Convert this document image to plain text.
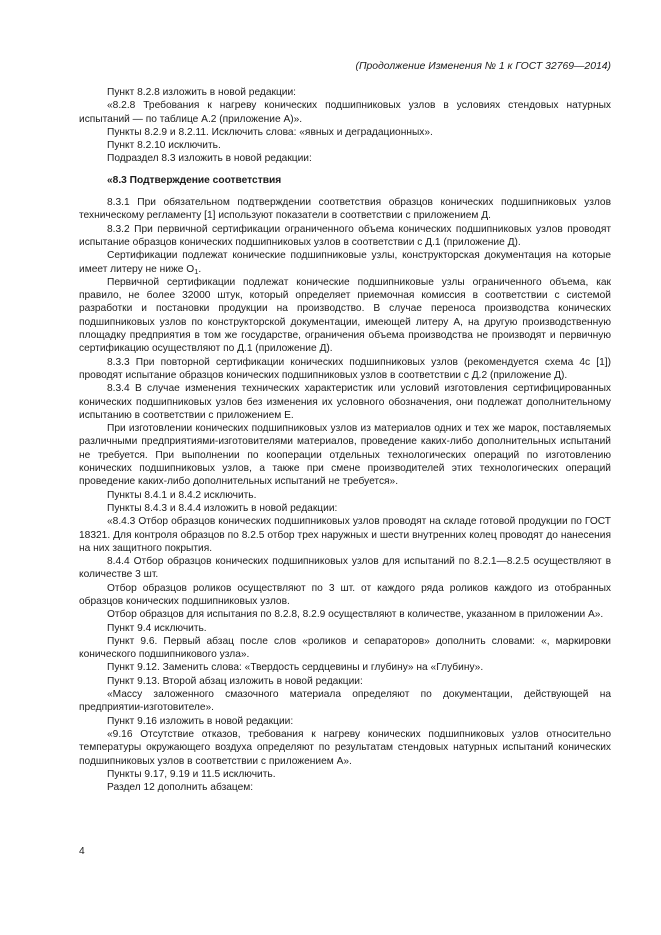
(Продолжение Изменения № 1 к ГОСТ 32769—2014)

Пункт 8.2.8 изложить в новой редакции:

«8.2.8 Требования к нагреву конических подшипниковых узлов в условиях стендовых натурных испытаний — по таблице А.2 (приложение А)».

Пункты 8.2.9 и 8.2.11. Исключить слова: «явных и деградационных».

Пункт 8.2.10 исключить.

Подраздел 8.3 изложить в новой редакции:

«8.3 Подтверждение соответствия

8.3.1 При обязательном подтверждении соответствия образцов конических подшипниковых узлов техническому регламенту [1] используют показатели в соответствии с приложением Д.

8.3.2 При первичной сертификации ограниченного объема конических подшипниковых узлов проводят испытание образцов конических подшипниковых узлов в соответствии с Д.1 (приложение Д).

Сертификации подлежат конические подшипниковые узлы, конструкторская документация на которые имеет литеру не ниже $О_1$.

Первичной сертификации подлежат конические подшипниковые узлы ограниченного объема, как правило, не более 32000 штук, который определяет приемочная комиссия в соответствии с системой разработки и постановки продукции на производство. В случае переноса производства конических подшипниковых узлов по конструкторской документации, имеющей литеру А, на другую производственную площадку предприятия в том же государстве, ограничения объема производства не производят и первичную сертификацию осуществляют по Д.1 (приложение Д).

8.3.3 При повторной сертификации конических подшипниковых узлов (рекомендуется схема 4с [1]) проводят испытание образцов конических подшипниковых узлов в соответствии с Д.2 (приложение Д).

8.3.4 В случае изменения технических характеристик или условий изготовления сертифицированных конических подшипниковых узлов без изменения их условного обозначения, они подлежат дополнительному испытанию в соответствии с приложением Е.

При изготовлении конических подшипниковых узлов из материалов одних и тех же марок, поставляемых различными предприятиями-изготовителями материалов, проведение каких-либо дополнительных испытаний не требуется. При выполнении по кооперации отдельных технологических операций по изготовлению конических подшипниковых узлов, а также при смене производителей этих технологических операций проведение каких-либо дополнительных испытаний не требуется».

Пункты 8.4.1 и 8.4.2 исключить.

Пункты 8.4.3 и 8.4.4 изложить в новой редакции:

«8.4.3 Отбор образцов конических подшипниковых узлов проводят на складе готовой продукции по ГОСТ 18321. Для контроля образцов по 8.2.5 отбор трех наружных и шести внутренних колец проводят до нанесения на них защитного покрытия.

8.4.4 Отбор образцов конических подшипниковых узлов для испытаний по 8.2.1—8.2.5 осуществляют в количестве 3 шт.

Отбор образцов роликов осуществляют по 3 шт. от каждого ряда роликов каждого из отобранных образцов конических подшипниковых узлов.

Отбор образцов для испытания по 8.2.8, 8.2.9 осуществляют в количестве, указанном в приложении А».

Пункт 9.4 исключить.

Пункт 9.6. Первый абзац после слов «роликов и сепараторов» дополнить словами: «, маркировки конического подшипникового узла».

Пункт 9.12. Заменить слова: «Твердость сердцевины и глубину» на «Глубину».

Пункт 9.13. Второй абзац изложить в новой редакции:

«Массу заложенного смазочного материала определяют по документации, действующей на предприятии-изготовителе».

Пункт 9.16 изложить в новой редакции:

«9.16 Отсутствие отказов, требования к нагреву конических подшипниковых узлов относительно температуры окружающего воздуха определяют по результатам стендовых натурных испытаний конических подшипниковых узлов в соответствии с приложением А».

Пункты 9.17, 9.19 и 11.5 исключить.

Раздел 12 дополнить абзацем:

4
